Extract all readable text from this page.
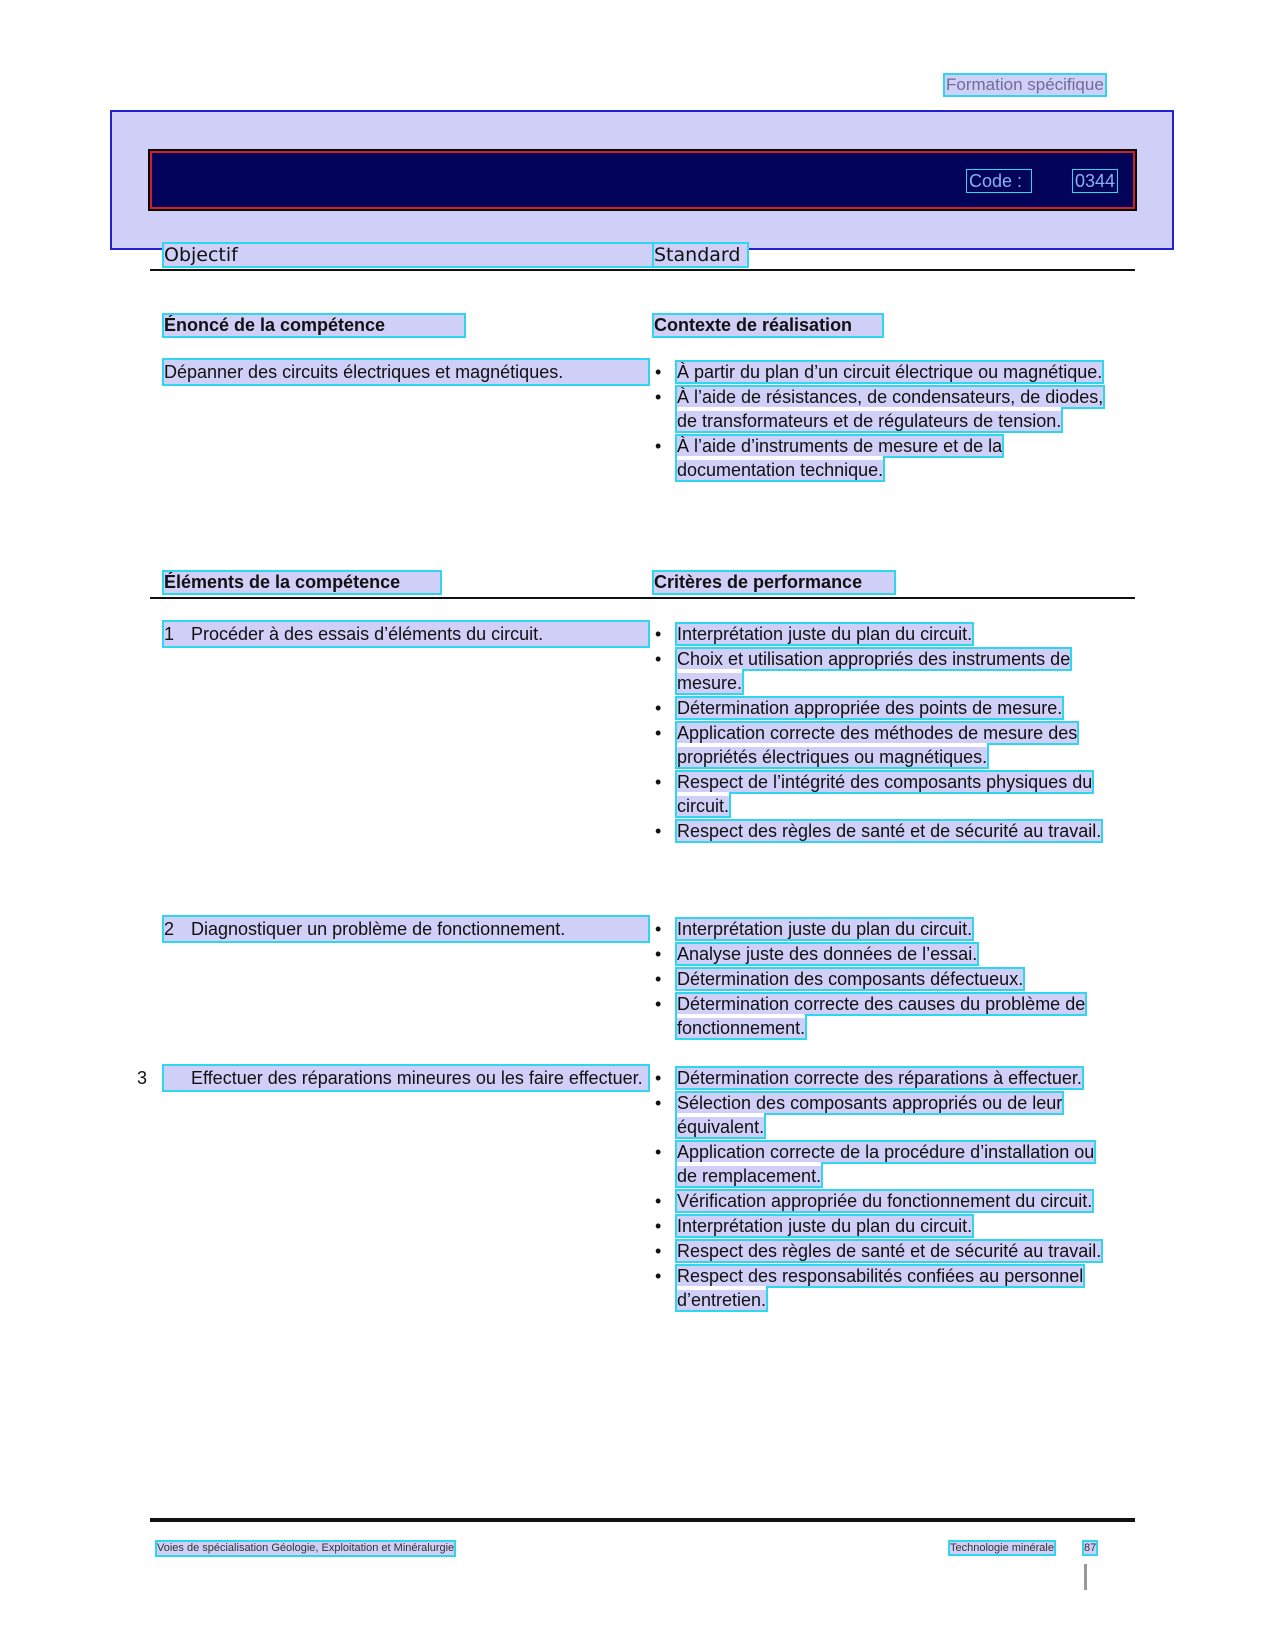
Formation spécifique
Code :	0344
Objectif	Standard
Énoncé de la compétence	Contexte de réalisation
Dépanner des circuits électriques et magnétiques.	• À partir du plan d’un circuit électrique ou magnétique.
• À l’aide de résistances, de condensateurs, de diodes, de transformateurs et de régulateurs de tension.
• À l’aide d’instruments de mesure et de la documentation technique.
Éléments de la compétence	Critères de performance
1 Procéder à des essais d’éléments du circuit.	• Interprétation juste du plan du circuit.
• Choix et utilisation appropriés des instruments de mesure.
• Détermination appropriée des points de mesure.
• Application correcte des méthodes de mesure des propriétés électriques ou magnétiques.
• Respect de l’intégrité des composants physiques du circuit.
• Respect des règles de santé et de sécurité au travail.
2 Diagnostiquer un problème de fonctionnement.	• Interprétation juste du plan du circuit.
• Analyse juste des données de l’essai.
• Détermination des composants défectueux.
• Détermination correcte des causes du problème de fonctionnement.
3 Effectuer des réparations mineures ou les faire effectuer.	• Détermination correcte des réparations à effectuer.
• Sélection des composants appropriés ou de leur équivalent.
• Application correcte de la procédure d’installation ou de remplacement.
• Vérification appropriée du fonctionnement du circuit.
• Interprétation juste du plan du circuit.
• Respect des règles de santé et de sécurité au travail.
• Respect des responsabilités confiées au personnel d’entretien.
Voies de spécialisation Géologie, Exploitation et Minéralurgie	Technologie minérale	87
